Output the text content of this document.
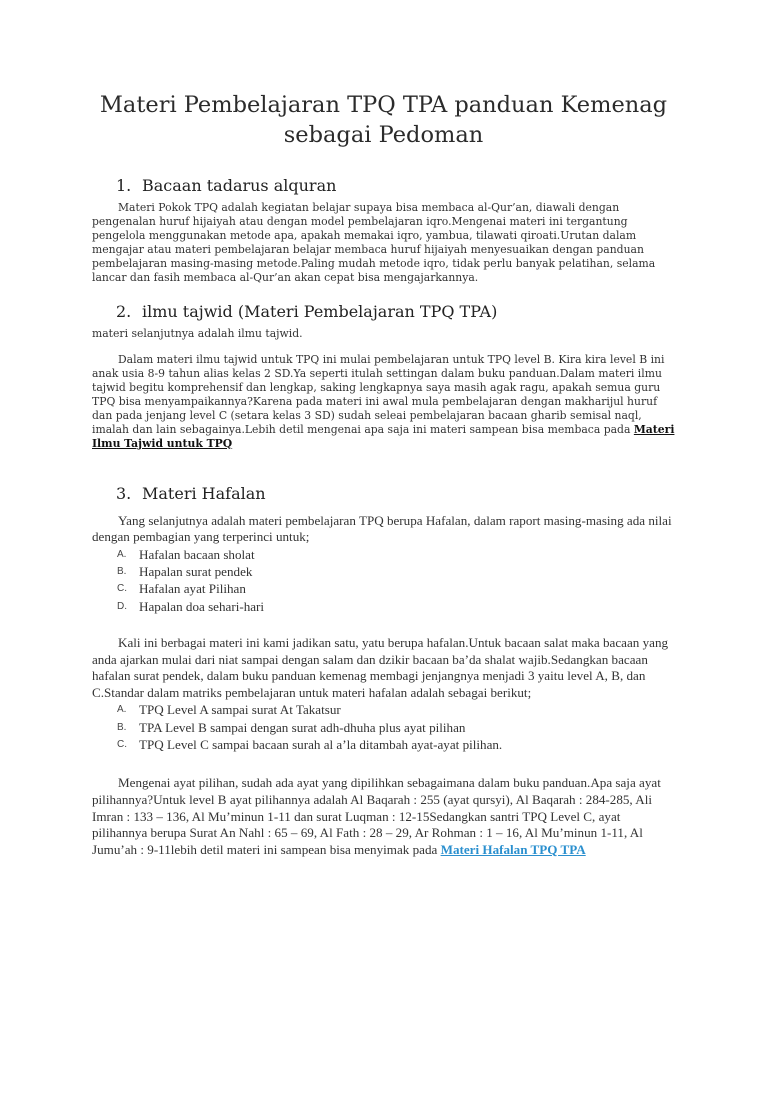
Materi Pembelajaran TPQ TPA panduan Kemenag sebagai Pedoman
1. Bacaan tadarus alquran

Materi Pokok TPQ adalah kegiatan belajar supaya bisa membaca al-Qur’an, diawali dengan pengenalan huruf hijaiyah atau dengan model pembelajaran iqro.Mengenai materi ini tergantung pengelola menggunakan metode apa, apakah memakai iqro, yambua, tilawati qiroati.Urutan dalam mengajar atau materi pembelajaran belajar membaca huruf hijaiyah menyesuaikan dengan panduan pembelajaran masing-masing metode.Paling mudah metode iqro, tidak perlu banyak pelatihan, selama lancar dan fasih membaca al-Qur’an akan cepat bisa mengajarkannya.

2. ilmu tajwid (Materi Pembelajaran TPQ TPA)

materi selanjutnya adalah ilmu tajwid.

Dalam materi ilmu tajwid untuk TPQ ini mulai pembelajaran untuk TPQ level B. Kira kira level B ini anak usia 8-9 tahun alias kelas 2 SD.Ya seperti itulah settingan dalam buku panduan.Dalam materi ilmu tajwid begitu komprehensif dan lengkap, saking lengkapnya saya masih agak ragu, apakah semua guru TPQ bisa menyampaikannya?Karena pada materi ini awal mula pembelajaran dengan makharijul huruf dan pada jenjang level C (setara kelas 3 SD) sudah seleai pembelajaran bacaan gharib semisal naql, imalah dan lain sebagainya.Lebih detil mengenai apa saja ini materi sampean bisa membaca pada Materi Ilmu Tajwid untuk TPQ

3. Materi Hafalan

Yang selanjutnya adalah materi pembelajaran TPQ berupa Hafalan, dalam raport masing-masing ada nilai dengan pembagian yang terperinci untuk;

A. Hafalan bacaan sholat
B. Hapalan surat pendek
C. Hafalan ayat Pilihan
D. Hapalan doa sehari-hari

Kali ini berbagai materi ini kami jadikan satu, yatu berupa hafalan.Untuk bacaan salat maka bacaan yang anda ajarkan mulai dari niat sampai dengan salam dan dzikir bacaan ba’da shalat wajib.Sedangkan bacaan hafalan surat pendek, dalam buku panduan kemenag membagi jenjangnya menjadi 3 yaitu level A, B, dan C.Standar dalam matriks pembelajaran untuk materi hafalan adalah sebagai berikut;

A. TPQ Level A sampai surat At Takatsur
B. TPA Level B sampai dengan surat adh-dhuha plus ayat pilihan
C. TPQ Level C sampai bacaan surah al a’la ditambah ayat-ayat pilihan.

Mengenai ayat pilihan, sudah ada ayat yang dipilihkan sebagaimana dalam buku panduan.Apa saja ayat pilihannya?Untuk level B ayat pilihannya adalah Al Baqarah : 255 (ayat qursyi), Al Baqarah : 284-285, Ali Imran : 133 – 136, Al Mu’minun 1-11 dan surat Luqman : 12-15Sedangkan santri TPQ Level C, ayat pilihannya berupa Surat An Nahl : 65 – 69, Al Fath : 28 – 29, Ar Rohman : 1 – 16, Al Mu’minun 1-11, Al Jumu’ah : 9-11lebih detil materi ini sampean bisa menyimak pada Materi Hafalan TPQ TPA
